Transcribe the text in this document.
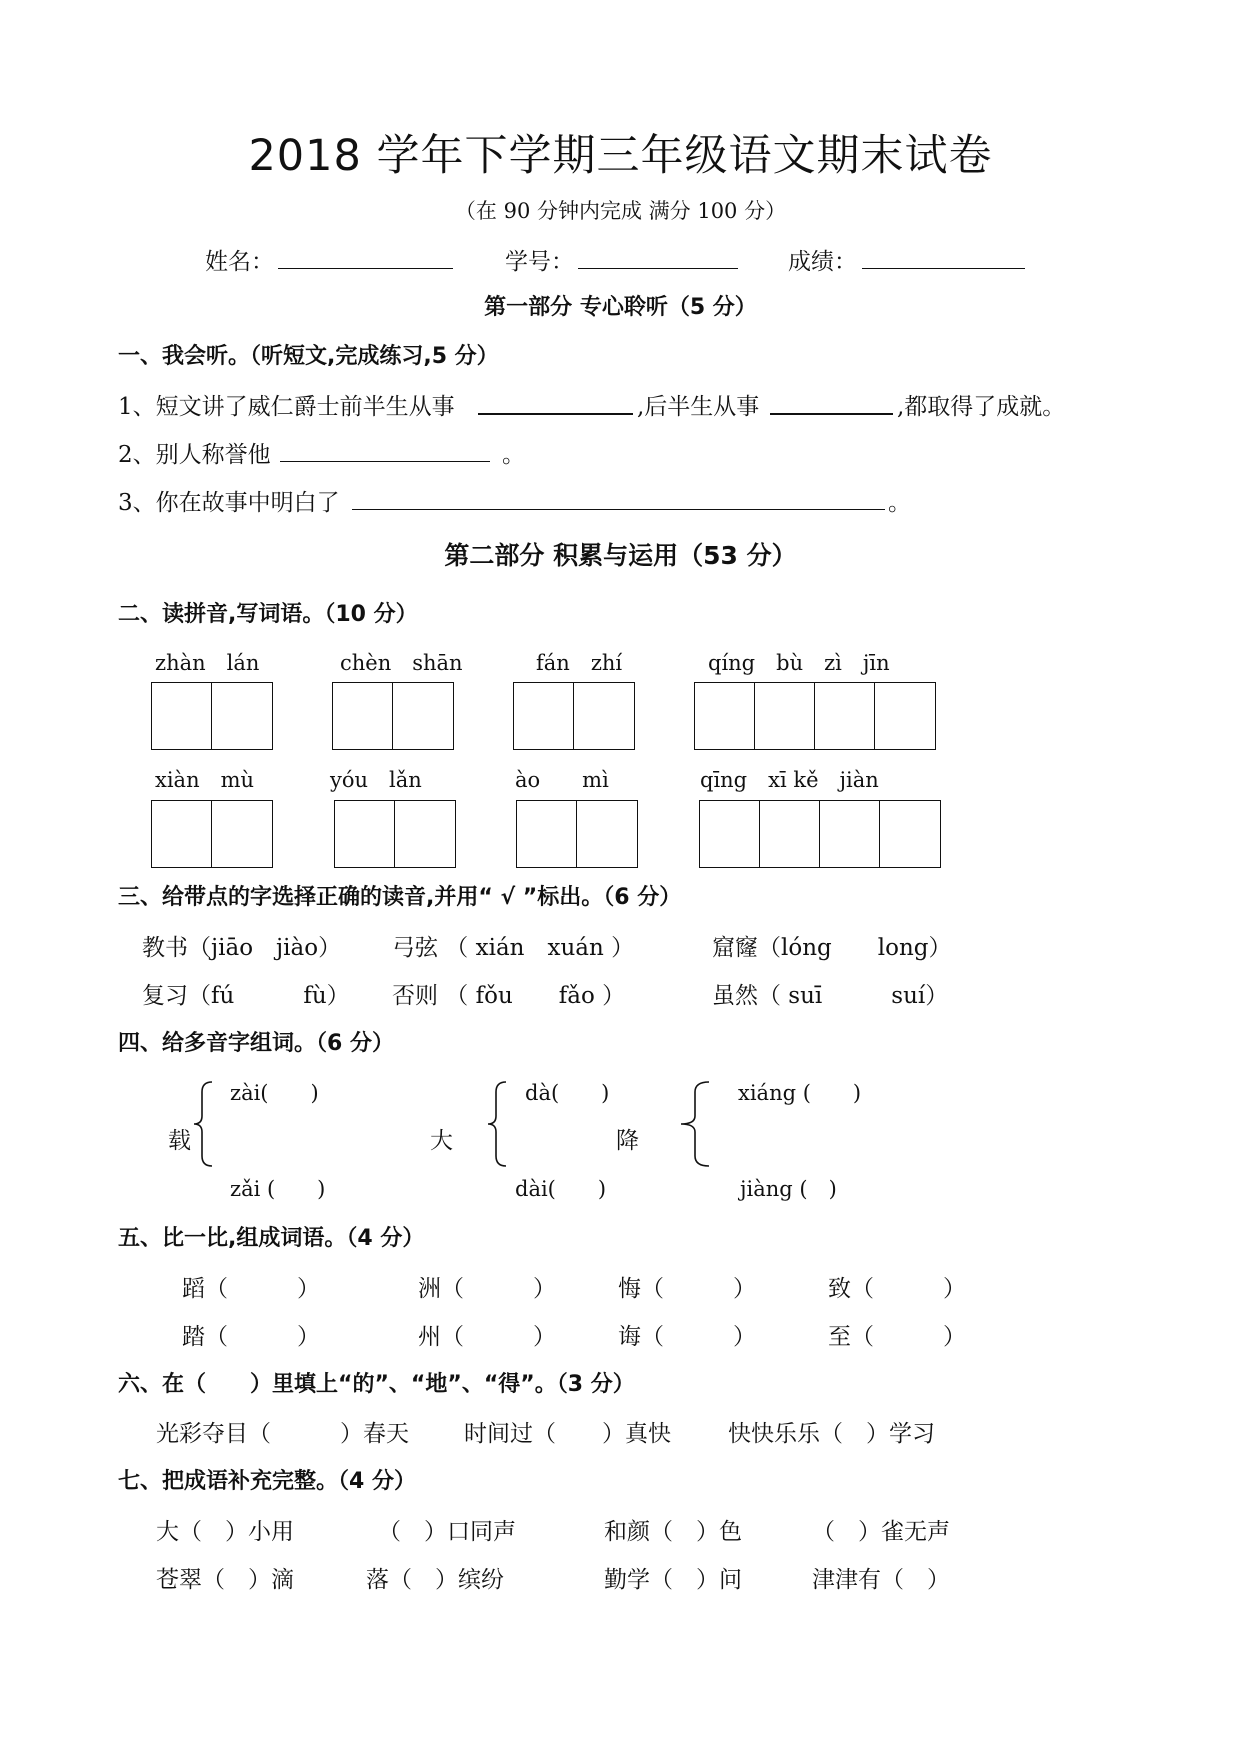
2018 学年下学期三年级语文期末试卷
（在 90 分钟内完成 满分 100 分）
姓名：	学号：	成绩：
第一部分 专心聆听（5 分）
一、我会听。（听短文,完成练习,5 分）
1、短文讲了威仁爵士前半生从事	,后半生从事	,都取得了成就。
2、别人称誉他	。
3、你在故事中明白了	。
第二部分 积累与运用（53 分）
二、读拼音,写词语。（10 分）
zhàn　lán	chèn　shān	fán　zhí	qíng　bù　zì　jīn
xiàn　mù	yóu　lǎn	ào　　mì	qīng　xī kě　jiàn
三、给带点的字选择正确的读音,并用“ √ ”标出。（6 分）
教书（jiāo　jiào） 弓弦 （ xián　xuán ）	窟窿（lóng　　long）
复习（fú　　　fù） 否则 （ fǒu　　fǎo ）	虽然（ suī　　　suí）
四、给多音字组词。（6 分）
载
zài(　　)
zǎi (　　)
大
dà(　　)
dài(　　)
降
xiáng (　　)
jiàng (　)
五、比一比,组成词语。（4 分）
蹈（　　　）	洲（　　　）	悔（　　　）	致（　　　）
踏（　　　）	州（　　　）	诲（　　　）	至（　　　）
六、在（　　）里填上“的”、“地”、“得”。（3 分）
光彩夺目（　　　）春天 时间过（　　）真快 快快乐乐（　）学习
七、把成语补充完整。（4 分）
大（　）小用	（　）口同声	和颜（　）色	（　）雀无声
苍翠（　）滴	落（　）缤纷	勤学（　）问	津津有（　）
